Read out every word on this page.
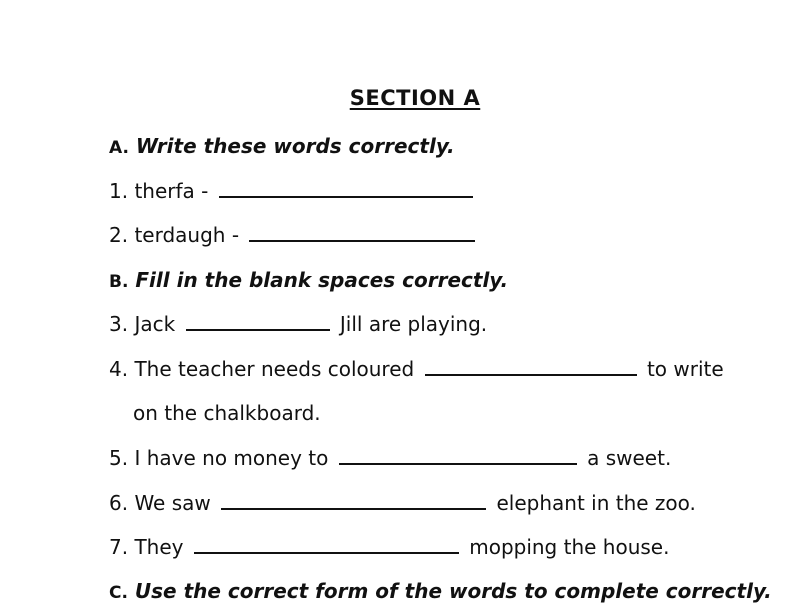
SECTION A
A. Write these words correctly.
1. therfa -
2. terdaugh -
B. Fill in the blank spaces correctly.
3. Jack	Jill are playing.
4. The teacher needs coloured	to write
on the chalkboard.
5. I have no money to	a sweet.
6. We saw	elephant in the zoo.
7. They	mopping the house.
C. Use the correct form of the words to complete correctly.
